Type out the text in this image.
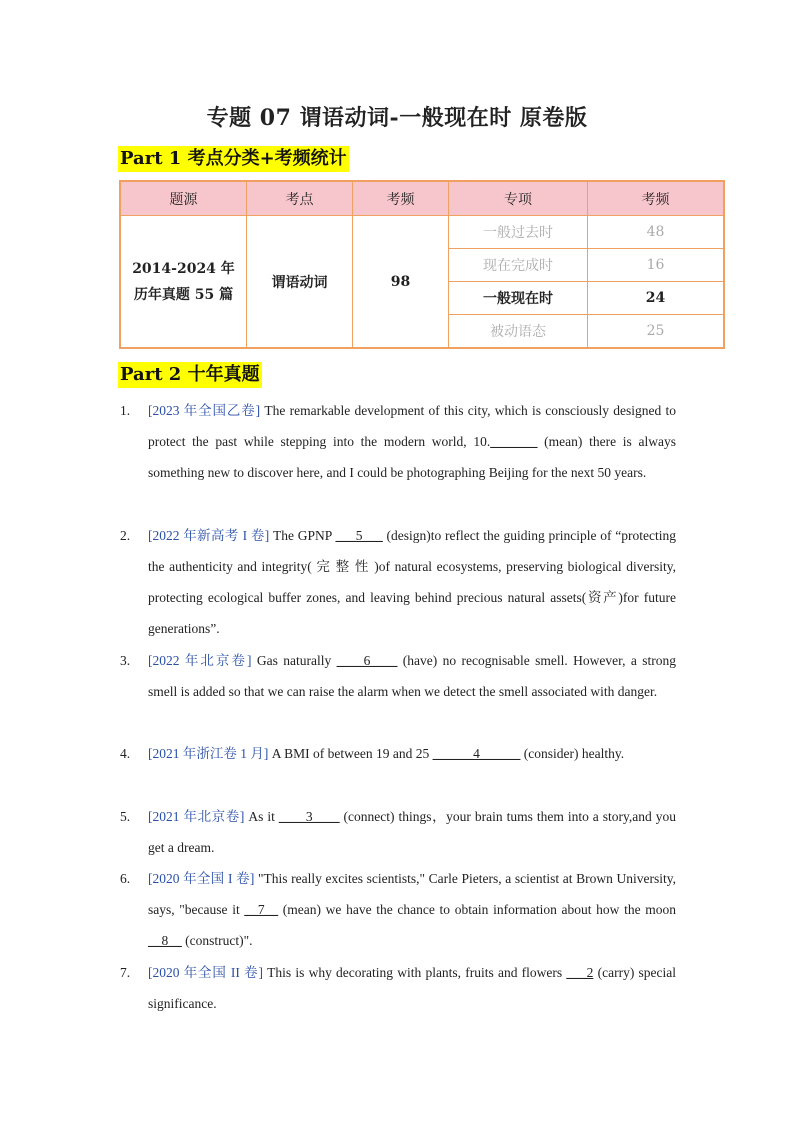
专题 07 谓语动词-一般现在时 原卷版
Part 1 考点分类+考频统计
题源	考点	考频	专项	考频

2014-2024 年历年真题 55 篇	谓语动词	98	一般过去时	48
			现在完成时	16
			一般现在时	24
			被动语态	25
Part 2 十年真题
1.	[2023 年全国乙卷] The remarkable development of this city, which is consciously designed to protect the past while stepping into the modern world, 10._______ (mean) there is always something new to discover here, and I could be photographing Beijing for the next 50 years.
2.	[2022 年新高考 I 卷] The GPNP ___5___ (design)to reflect the guiding principle of “protecting the authenticity and integrity( 完 整 性 )of natural ecosystems, preserving biological diversity, protecting ecological buffer zones, and leaving behind precious natural assets(资产)for future generations”.
3.	[2022 年北京卷] Gas naturally ____6____ (have) no recognisable smell. However, a strong smell is added so that we can raise the alarm when we detect the smell associated with danger.
4.	[2021 年浙江卷 1 月] A BMI of between 19 and 25 ______4______ (consider) healthy.
5.	[2021 年北京卷] As it ____3____ (connect) things，your brain tums them into a story,and you get a dream.
6.	[2020 年全国 I 卷] "This really excites scientists," Carle Pieters, a scientist at Brown University, says, "because it __7__ (mean) we have the chance to obtain information about how the moon __8__ (construct)".
7.	[2020 年全国 II 卷] This is why decorating with plants, fruits and flowers ___2 (carry) special significance.
